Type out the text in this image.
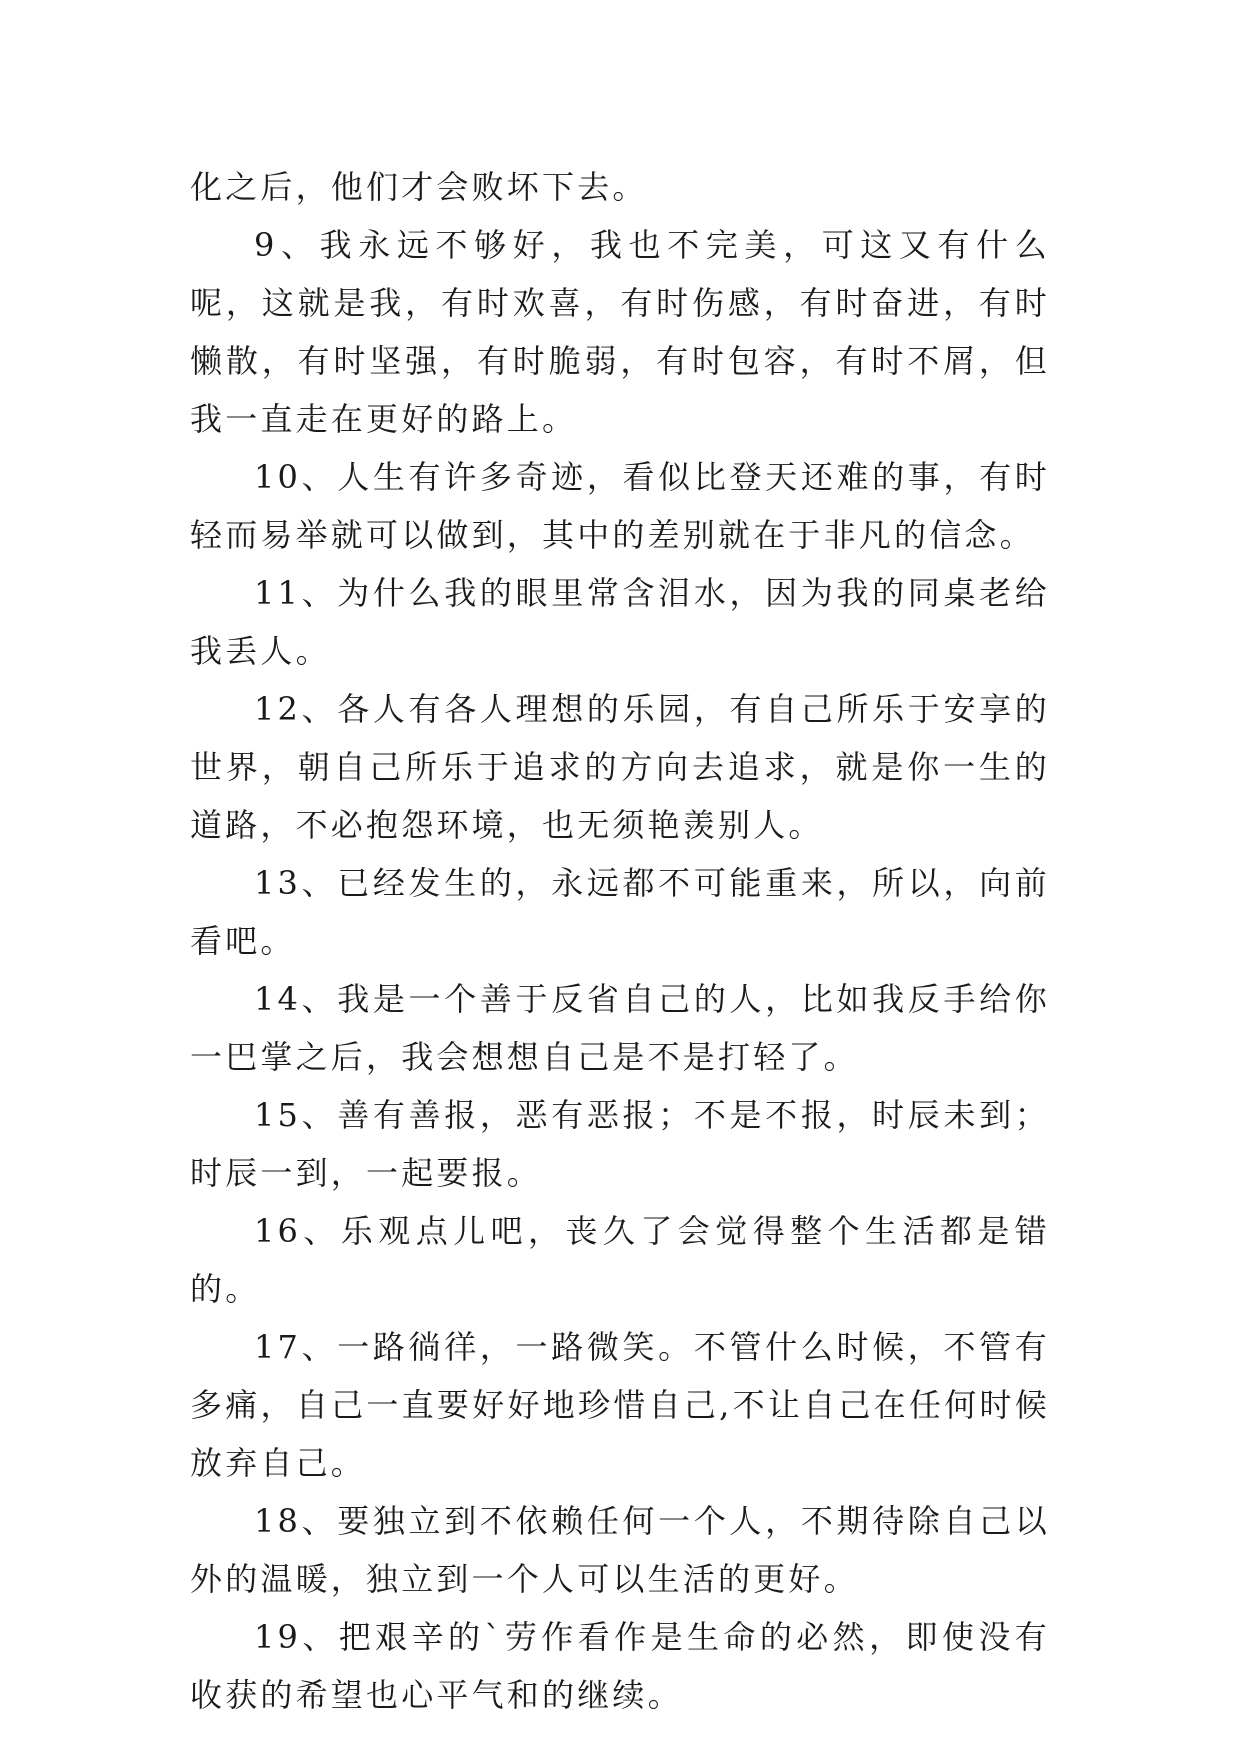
化之后，他们才会败坏下去。

9、我永远不够好，我也不完美，可这又有什么呢，这就是我，有时欢喜，有时伤感，有时奋进，有时懒散，有时坚强，有时脆弱，有时包容，有时不屑，但我一直走在更好的路上。

10、人生有许多奇迹，看似比登天还难的事，有时轻而易举就可以做到，其中的差别就在于非凡的信念。

11、为什么我的眼里常含泪水，因为我的同桌老给我丢人。

12、各人有各人理想的乐园，有自己所乐于安享的世界，朝自己所乐于追求的方向去追求，就是你一生的道路，不必抱怨环境，也无须艳羡别人。

13、已经发生的，永远都不可能重来，所以，向前看吧。

14、我是一个善于反省自己的人，比如我反手给你一巴掌之后，我会想想自己是不是打轻了。

15、善有善报，恶有恶报；不是不报，时辰未到；时辰一到，一起要报。

16、乐观点儿吧，丧久了会觉得整个生活都是错的。

17、一路徜徉，一路微笑。不管什么时候，不管有多痛，自己一直要好好地珍惜自己,不让自己在任何时候放弃自己。

18、要独立到不依赖任何一个人，不期待除自己以外的温暖，独立到一个人可以生活的更好。

19、把艰辛的`劳作看作是生命的必然，即使没有收获的希望也心平气和的继续。
